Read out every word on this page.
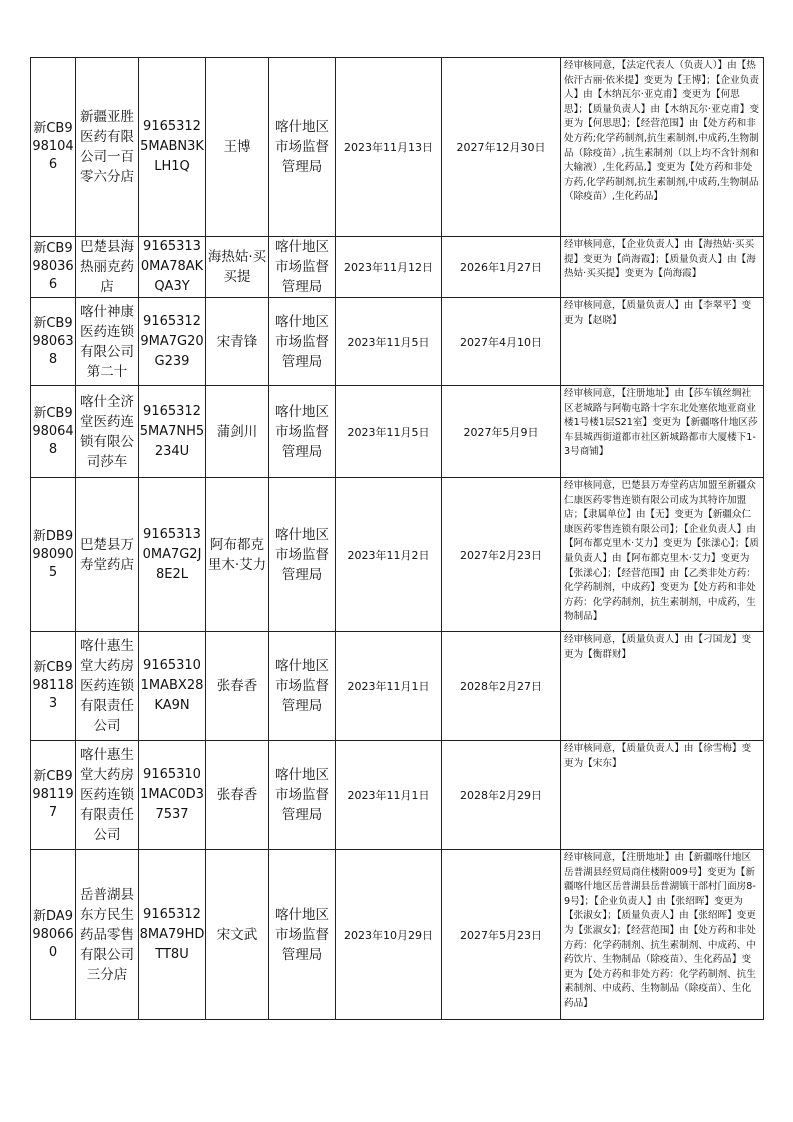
新CB9981046	新疆亚胜医药有限公司一百零六分店	91653125MABN3KLH1Q	王博	喀什地区市场监督管理局	2023年11月13日	2027年12月30日	经审核同意，【法定代表人（负责人）】由【热依汗古丽·依米提】变更为【王博】；【企业负责人】由【木纳瓦尔·亚克甫】变更为【何思思】；【质量负责人】由【木纳瓦尔·亚克甫】变更为【何思思】；【经营范围】由【处方药和非处方药;化学药制剂,抗生素制剂,中成药,生物制品（除疫苗）,抗生素制剂（以上均不含针剂和大输液）,生化药品,】变更为【处方药和非处方药,化学药制剂,抗生素制剂,中成药,生物制品（除疫苗）,生化药品】	
新CB9980366	巴楚县海热丽克药店	91653130MA78AKQA3Y	海热姑·买买提	喀什地区市场监督管理局	2023年11月12日	2026年1月27日	经审核同意，【企业负责人】由【海热姑·买买提】变更为【尚海霞】；【质量负责人】由【海热姑·买买提】变更为【尚海霞】	
新CB9980638	喀什神康医药连锁有限公司第二十	91653129MA7G20G239	宋青锋	喀什地区市场监督管理局	2023年11月5日	2027年4月10日	经审核同意，【质量负责人】由【李翠平】变更为【赵晓】	
新CB9980648	喀什全济堂医药连锁有限公司莎车	91653125MA7NH5234U	蒲剑川	喀什地区市场监督管理局	2023年11月5日	2027年5月9日	经审核同意，【注册地址】由【莎车镇丝绸社区老城路与阿勒屯路十字东北处塞依地亚商业楼1号楼1层S21室】变更为【新疆喀什地区莎车县城西街道都市社区新城路都市大厦楼下1-3号商铺】	
新DB9980905	巴楚县万寿堂药店	91653130MA7G2J8E2L	阿布都克里木·艾力	喀什地区市场监督管理局	2023年11月2日	2027年2月23日	经审核同意，巴楚县万寿堂药店加盟至新疆众仁康医药零售连锁有限公司成为其特许加盟店；【隶属单位】由【无】变更为【新疆众仁康医药零售连锁有限公司】；【企业负责人】由【阿布都克里木·艾力】变更为【张漾心】；【质量负责人】由【阿布都克里木·艾力】变更为【张漾心】；【经营范围】由【乙类非处方药：化学药制剂，中成药】变更为【处方药和非处方药：化学药制剂，抗生素制剂，中成药，生物制品】	
新CB9981183	喀什惠生堂大药房医药连锁有限责任公司	91653101MABX28KA9N	张春香	喀什地区市场监督管理局	2023年11月1日	2028年2月27日	经审核同意，【质量负责人】由【刁国龙】变更为【衡群财】	
新CB9981197	喀什惠生堂大药房医药连锁有限责任公司	91653101MAC0D37537	张春香	喀什地区市场监督管理局	2023年11月1日	2028年2月29日	经审核同意，【质量负责人】由【徐雪梅】变更为【宋东】	
新DA9980660	岳普湖县东方民生药品零售有限公司三分店	91653128MA79HDTT8U	宋文武	喀什地区市场监督管理局	2023年10月29日	2027年5月23日	经审核同意，【注册地址】由【新疆喀什地区岳普湖县经贸局商住楼附009号】变更为【新疆喀什地区岳普湖县岳普湖镇干部村门面房8-9号】；【企业负责人】由【张绍晖】变更为【张淑女】；【质量负责人】由【张绍晖】变更为【张淑女】；【经营范围】由【处方药和非处方药：化学药制剂、抗生素制剂、中成药、中药饮片、生物制品（除疫苗）、生化药品】变更为【处方药和非处方药：化学药制剂、抗生素制剂、中成药、生物制品（除疫苗）、生化药品】	
